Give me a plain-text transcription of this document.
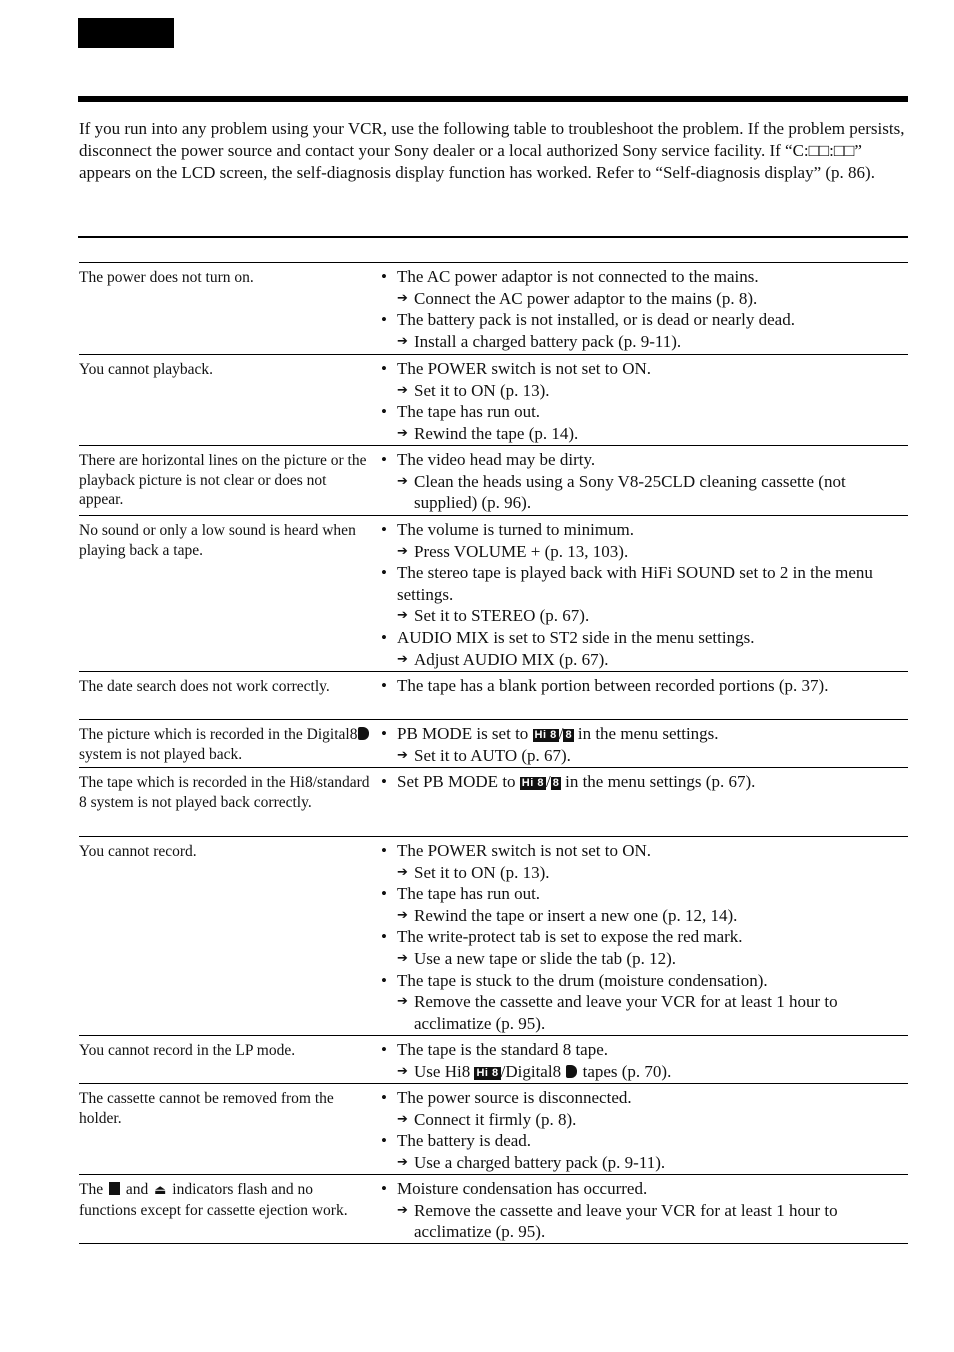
If you run into any problem using your VCR, use the following table to troubleshoot the problem. If the problem persists, disconnect the power source and contact your Sony dealer or a local authorized Sony service facility. If “C:□□:□□” appears on the LCD screen, the self-diagnosis display function has worked. Refer to “Self-diagnosis display” (p. 86).

The power does not turn on.	• The AC power adaptor is not connected to the mains.
➔ Connect the AC power adaptor to the mains (p. 8).
• The battery pack is not installed, or is dead or nearly dead.
➔ Install a charged battery pack (p. 9-11).
You cannot playback.	• The POWER switch is not set to ON.
➔ Set it to ON (p. 13).
• The tape has run out.
➔ Rewind the tape (p. 14).
There are horizontal lines on the picture or the playback picture is not clear or does not appear.
• The video head may be dirty.
➔ Clean the heads using a Sony V8-25CLD cleaning cassette (not supplied) (p. 96).
No sound or only a low sound is heard when playing back a tape.
• The volume is turned to minimum.
➔ Press VOLUME + (p. 13, 103).
• The stereo tape is played back with HiFi SOUND set to 2 in the menu settings.
➔ Set it to STEREO (p. 67).
• AUDIO MIX is set to ST2 side in the menu settings.
➔ Adjust AUDIO MIX (p. 67).
The date search does not work correctly.	• The tape has a blank portion between recorded portions (p. 37).
The picture which is recorded in the Digital8system is not played back.
• PB MODE is set to Hi 8 / 8 in the menu settings.
➔ Set it to AUTO (p. 67).
The tape which is recorded in the Hi8/standard 8 system is not played back correctly.
• Set PB MODE to Hi 8 / 8 in the menu settings (p. 67).
You cannot record.	• The POWER switch is not set to ON.
➔ Set it to ON (p. 13).
• The tape has run out.
➔ Rewind the tape or insert a new one (p. 12, 14).
• The write-protect tab is set to expose the red mark.
➔ Use a new tape or slide the tab (p. 12).
• The tape is stuck to the drum (moisture condensation).
➔ Remove the cassette and leave your VCR for at least 1 hour to acclimatize (p. 95).
You cannot record in the LP mode.	• The tape is the standard 8 tape.
➔ Use Hi8 Hi 8 /Digital8 tapes (p. 70).
The cassette cannot be removed from the holder.
• The power source is disconnected.
➔ Connect it firmly (p. 8).
• The battery is dead.
➔ Use a charged battery pack (p. 9-11).
The and ⏏ indicators flash and no functions except for cassette ejection work.
• Moisture condensation has occurred.
➔ Remove the cassette and leave your VCR for at least 1 hour to acclimatize (p. 95).
